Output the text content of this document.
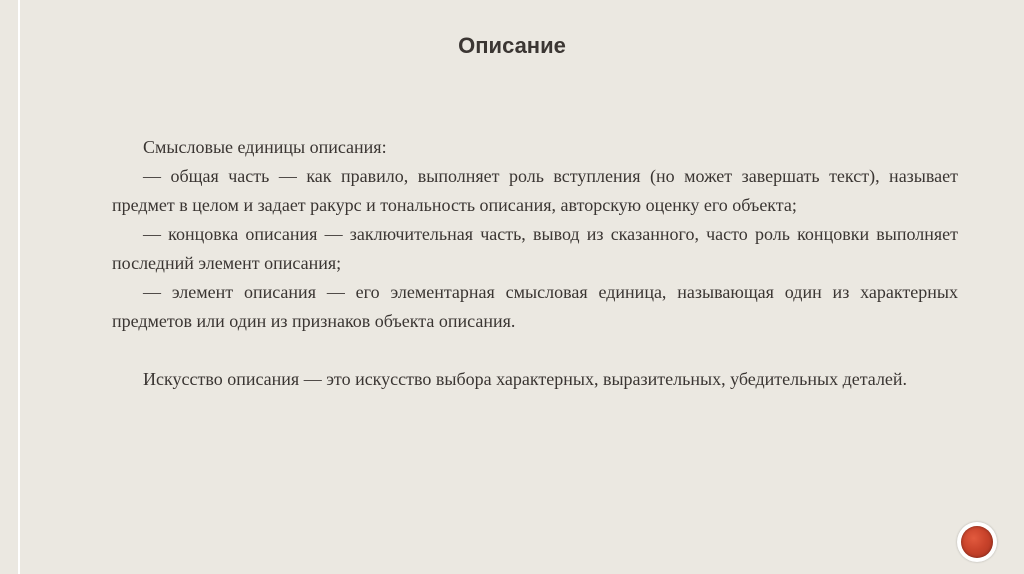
Описание

Смысловые единицы описания:

— общая часть — как правило, выполняет роль вступления (но может завершать текст), называет предмет в целом и задает ракурс и тональность описания, авторскую оценку его объекта;

— концовка описания — заключительная часть, вывод из сказанного, часто роль концовки выполняет последний элемент описания;

— элемент описания — его элементарная смысловая единица, называющая один из характерных предметов или один из признаков объекта описания.

Искусство описания — это искусство выбора характерных, выразительных, убедительных деталей.
